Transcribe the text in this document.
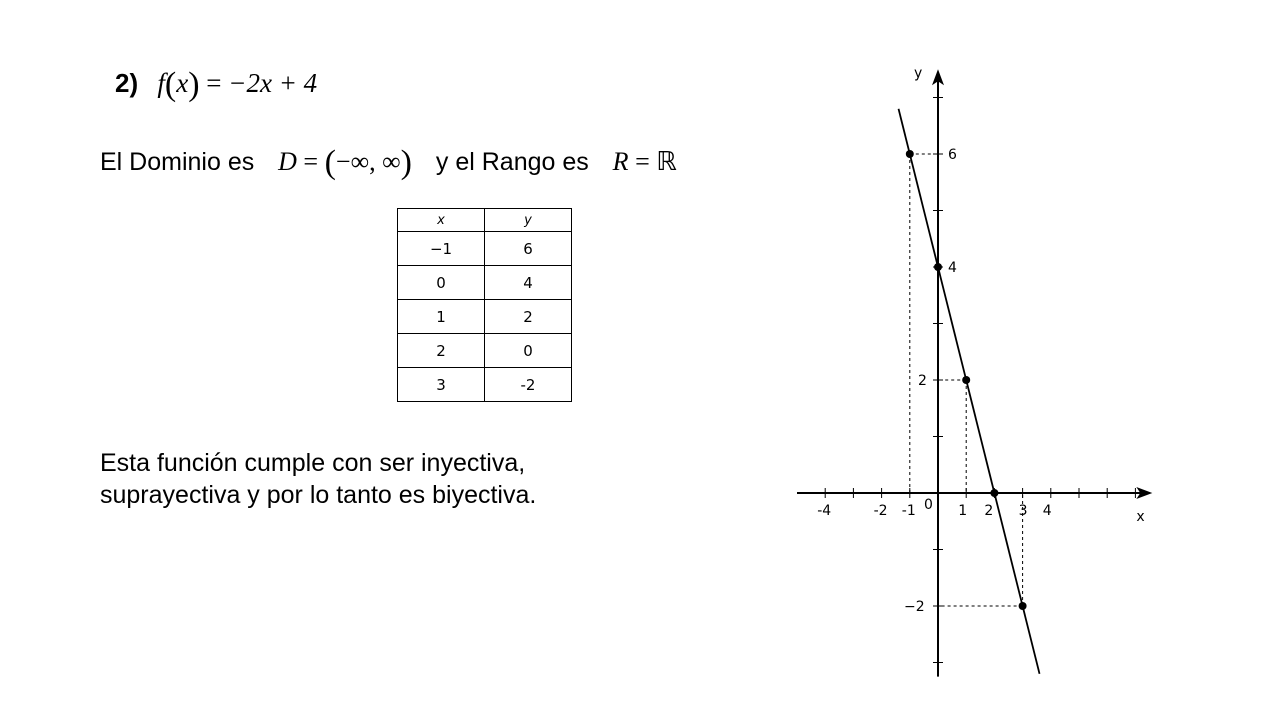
2) f(x) = −2x + 4
El Dominio es D = (−∞, ∞) y el Rango es R = ℝ
x	y
−1	6
0	4
1	2
2	0
3	-2
Esta función cumple con ser inyectiva,
suprayectiva y por lo tanto es biyectiva.
x
y
-4	-2 -1 0 1 2 3 4
6
4
2
−2
